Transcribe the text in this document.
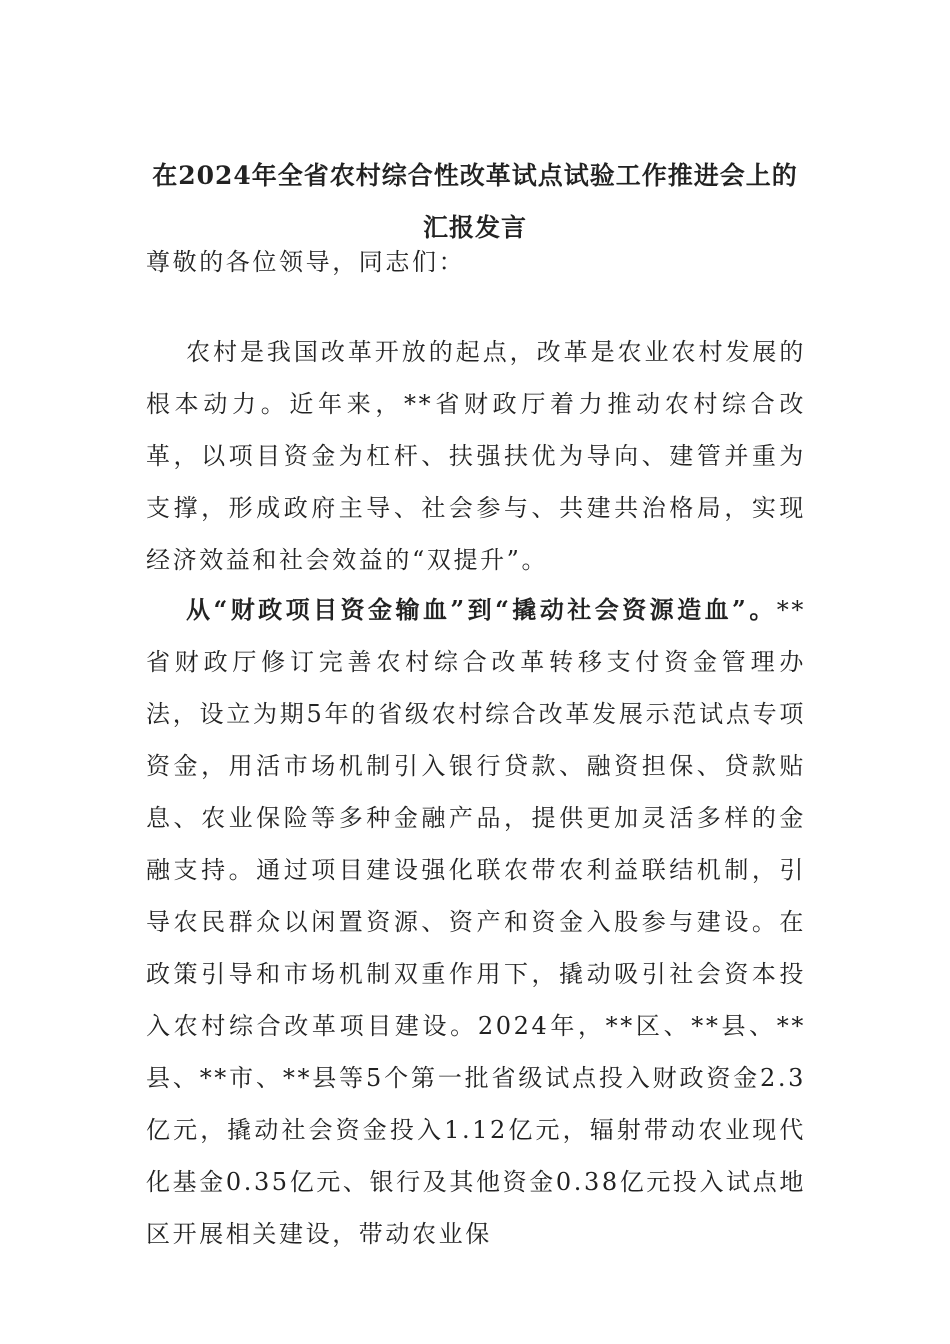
在2024年全省农村综合性改革试点试验工作推进会上的汇报发言

尊敬的各位领导，同志们：

农村是我国改革开放的起点，改革是农业农村发展的根本动力。近年来，**省财政厅着力推动农村综合改革，以项目资金为杠杆、扶强扶优为导向、建管并重为支撑，形成政府主导、社会参与、共建共治格局，实现经济效益和社会效益的“双提升”。

从“财政项目资金输血”到“撬动社会资源造血”。**省财政厅修订完善农村综合改革转移支付资金管理办法，设立为期5年的省级农村综合改革发展示范试点专项资金，用活市场机制引入银行贷款、融资担保、贷款贴息、农业保险等多种金融产品，提供更加灵活多样的金融支持。通过项目建设强化联农带农利益联结机制，引导农民群众以闲置资源、资产和资金入股参与建设。在政策引导和市场机制双重作用下，撬动吸引社会资本投入农村综合改革项目建设。2024年，**区、**县、**县、**市、**县等5个第一批省级试点投入财政资金2.3亿元，撬动社会资金投入1.12亿元，辐射带动农业现代化基金0.35亿元、银行及其他资金0.38亿元投入试点地区开展相关建设，带动农业保
